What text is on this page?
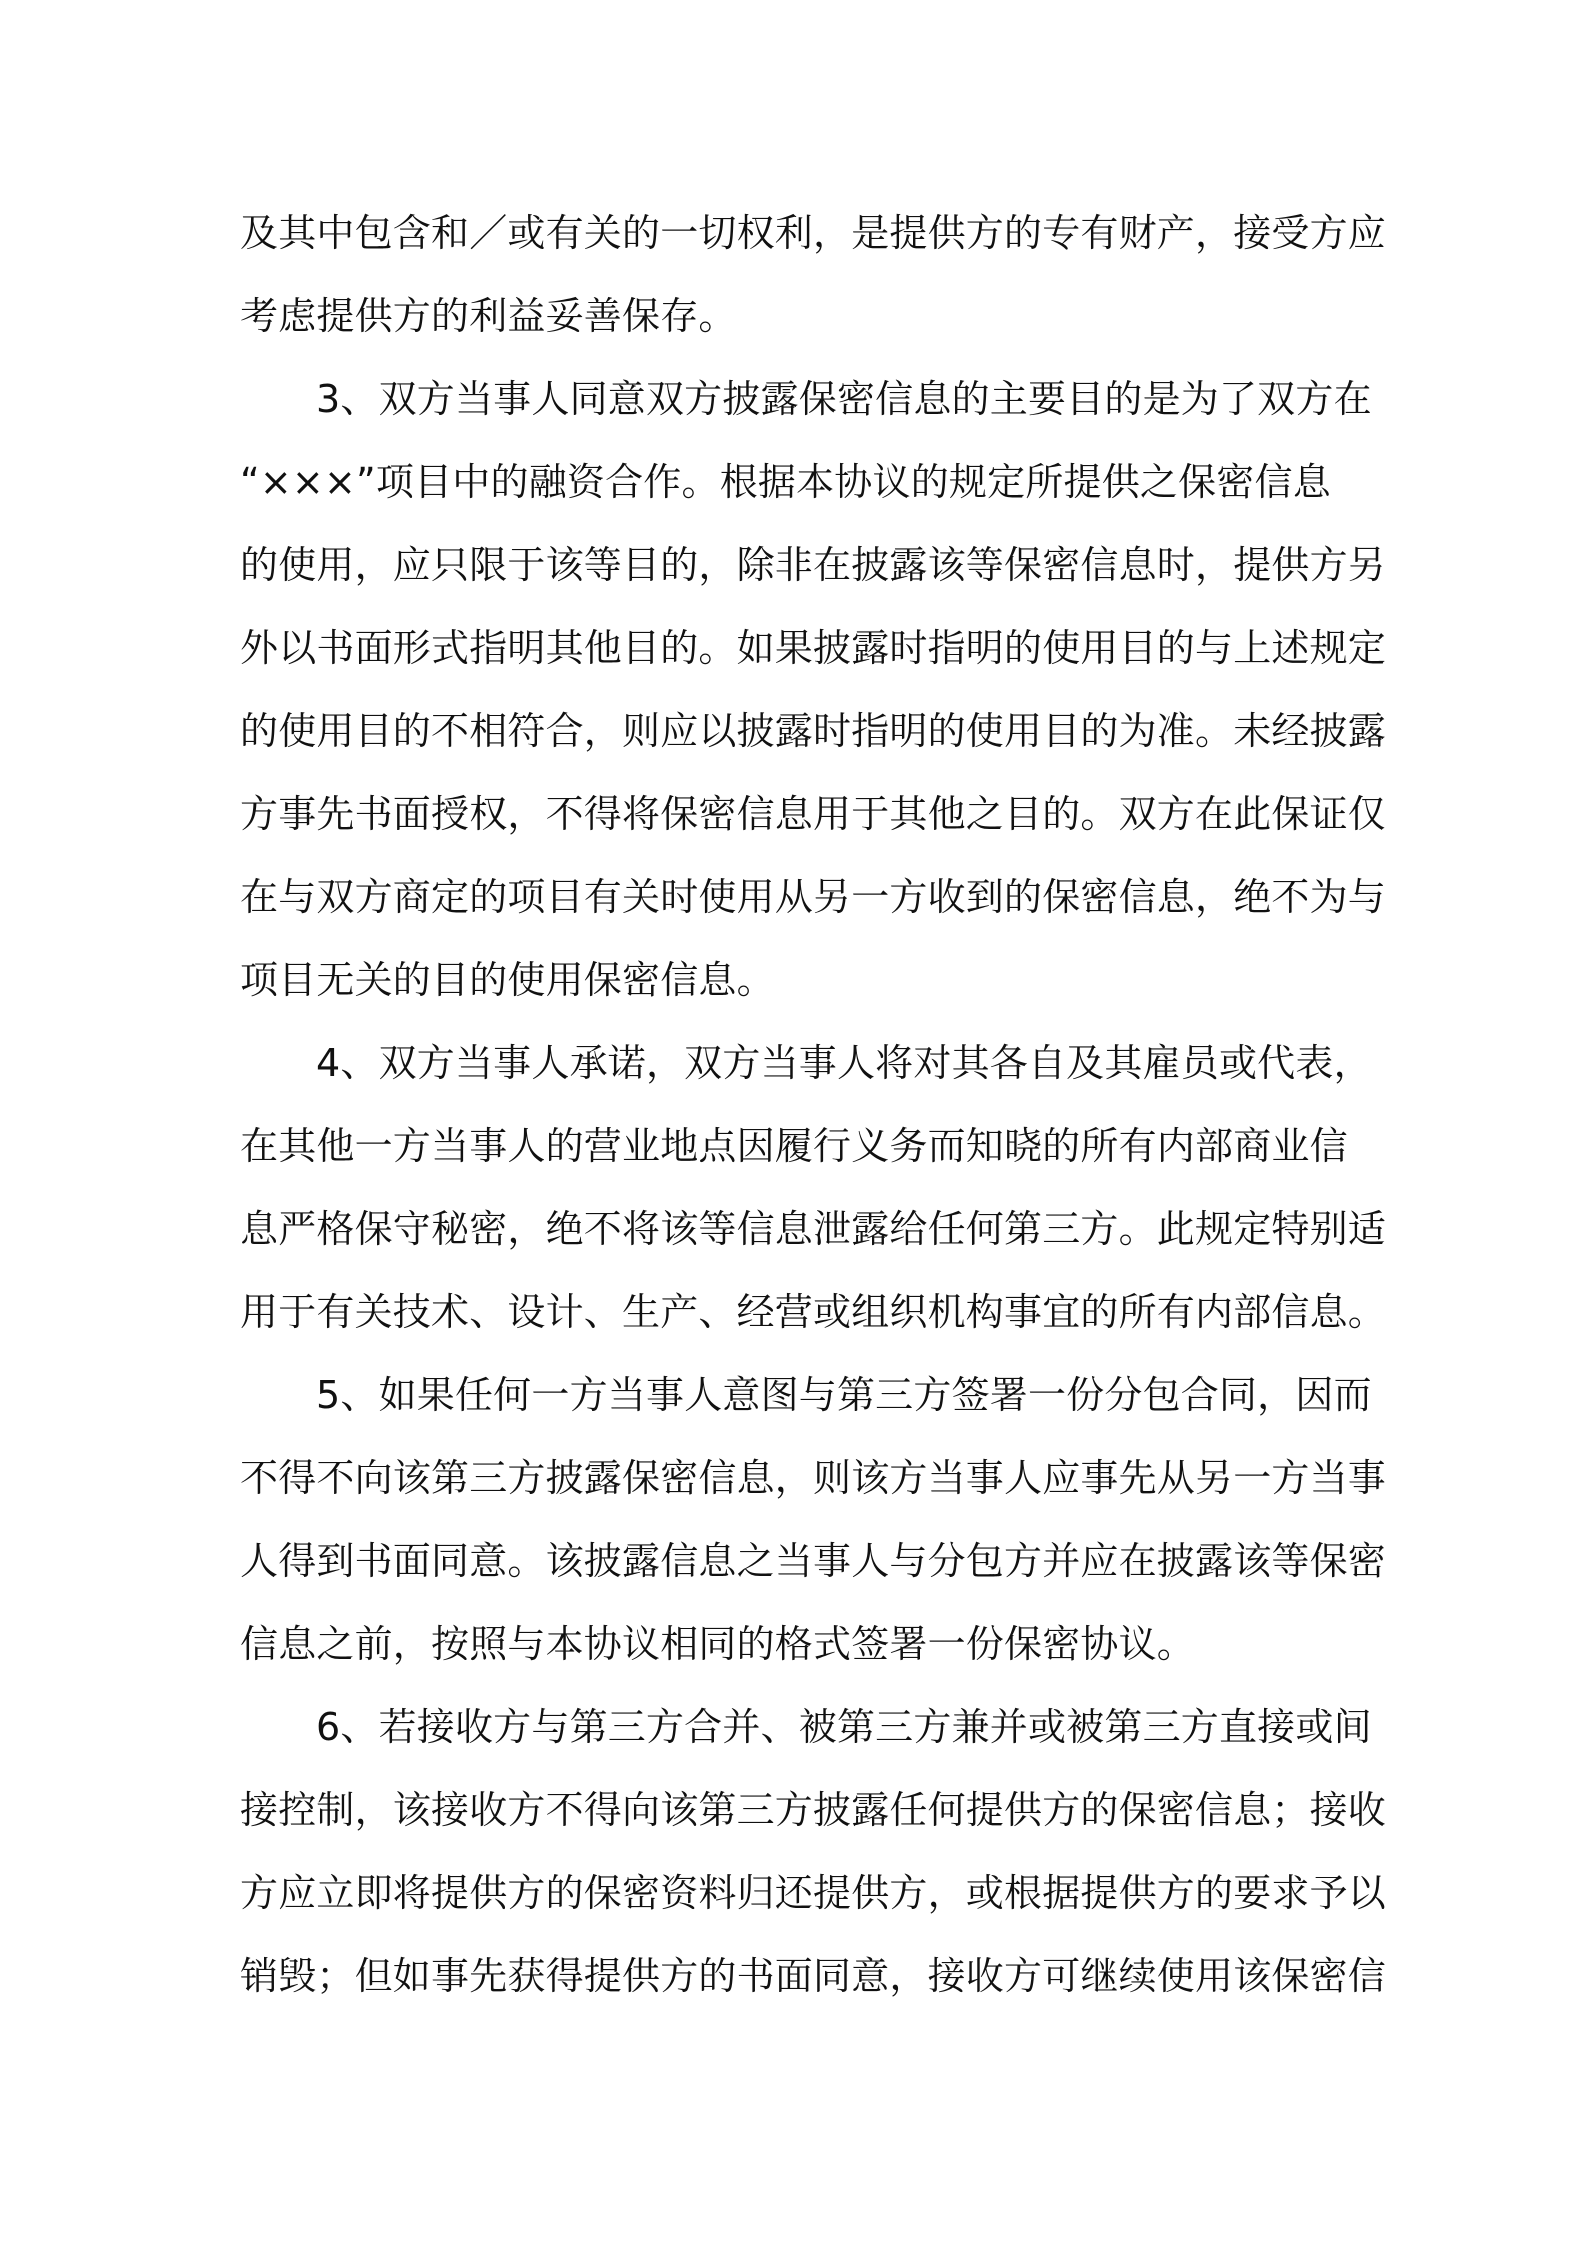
及其中包含和／或有关的一切权利，是提供方的专有财产，接受方应
考虑提供方的利益妥善保存。
3、双方当事人同意双方披露保密信息的主要目的是为了双方在
“×××”项目中的融资合作。根据本协议的规定所提供之保密信息
的使用，应只限于该等目的，除非在披露该等保密信息时，提供方另
外以书面形式指明其他目的。如果披露时指明的使用目的与上述规定
的使用目的不相符合，则应以披露时指明的使用目的为准。未经披露
方事先书面授权，不得将保密信息用于其他之目的。双方在此保证仅
在与双方商定的项目有关时使用从另一方收到的保密信息，绝不为与
项目无关的目的使用保密信息。
4、双方当事人承诺，双方当事人将对其各自及其雇员或代表，
在其他一方当事人的营业地点因履行义务而知晓的所有内部商业信
息严格保守秘密，绝不将该等信息泄露给任何第三方。此规定特别适
用于有关技术、设计、生产、经营或组织机构事宜的所有内部信息。
5、如果任何一方当事人意图与第三方签署一份分包合同，因而
不得不向该第三方披露保密信息，则该方当事人应事先从另一方当事
人得到书面同意。该披露信息之当事人与分包方并应在披露该等保密
信息之前，按照与本协议相同的格式签署一份保密协议。
6、若接收方与第三方合并、被第三方兼并或被第三方直接或间
接控制，该接收方不得向该第三方披露任何提供方的保密信息；接收
方应立即将提供方的保密资料归还提供方，或根据提供方的要求予以
销毁；但如事先获得提供方的书面同意，接收方可继续使用该保密信
